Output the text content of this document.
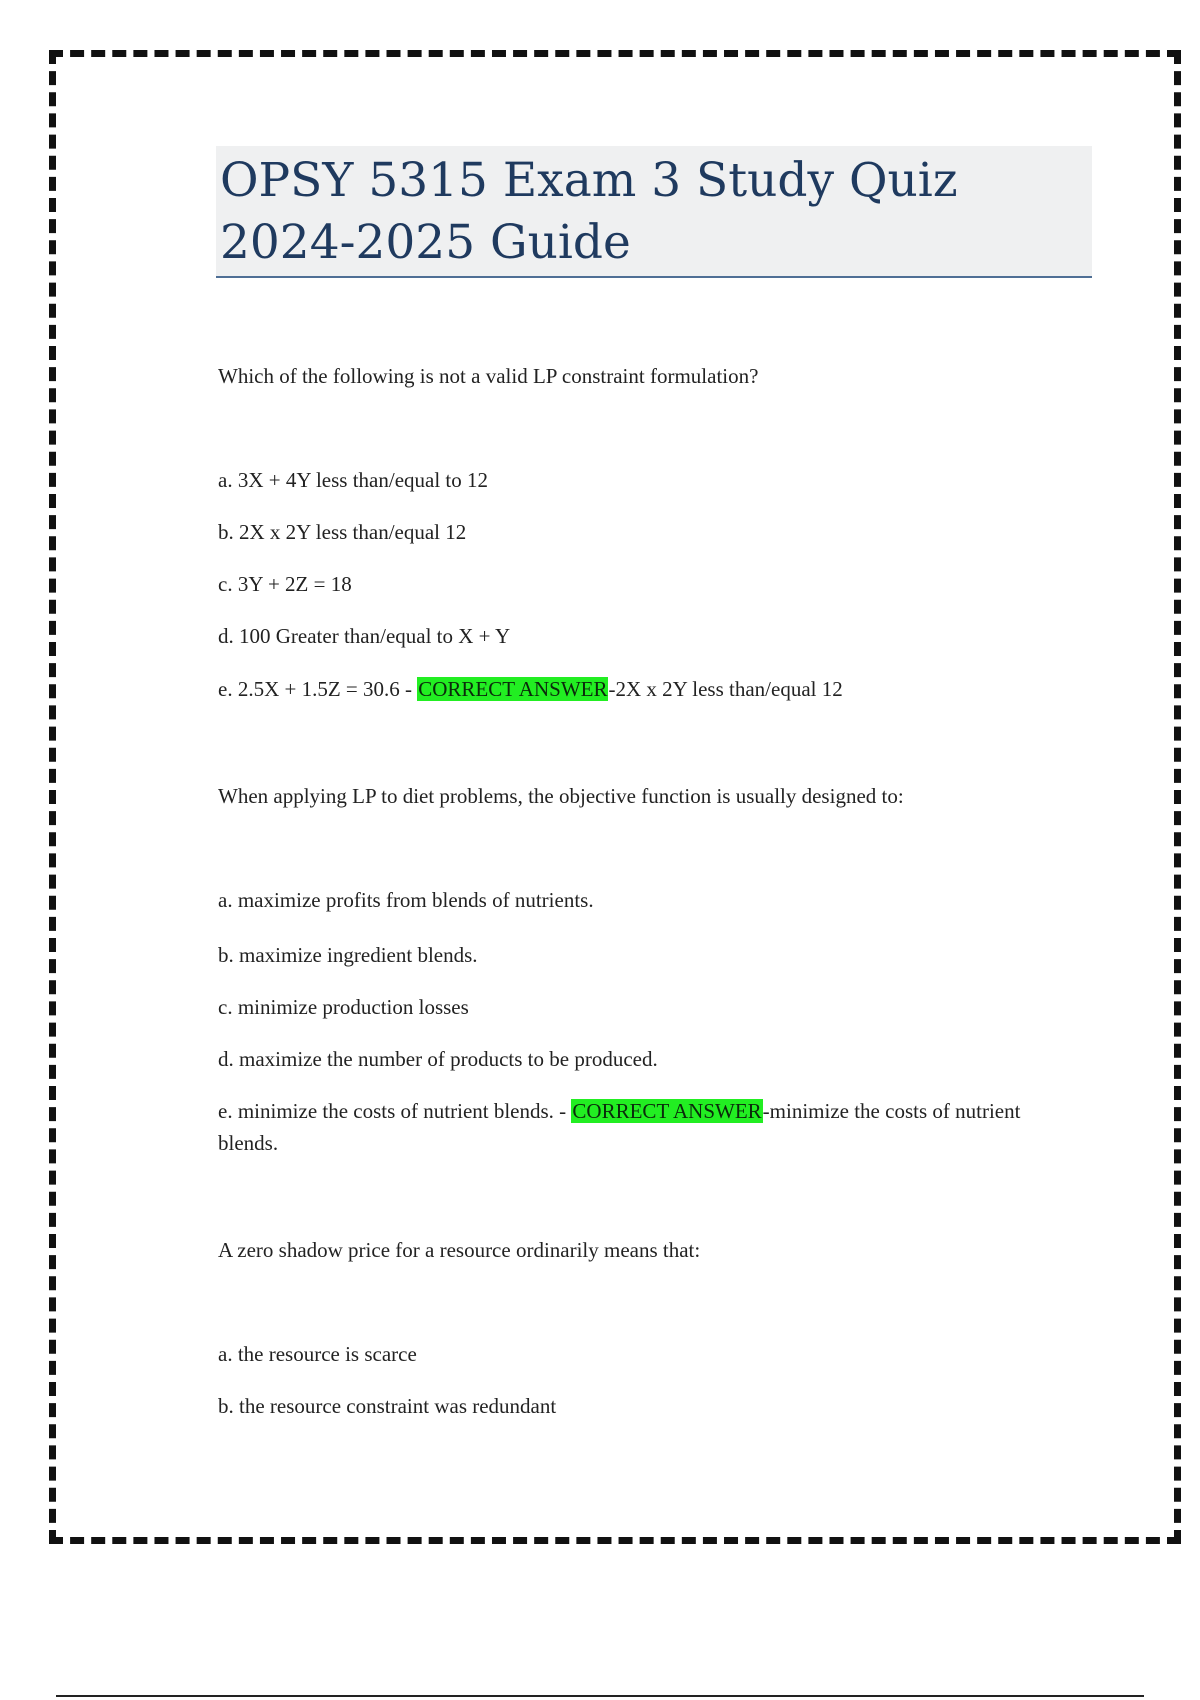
OPSY 5315 Exam 3 Study Quiz 2024-2025 Guide
Which of the following is not a valid LP constraint formulation?
a. 3X + 4Y less than/equal to 12
b. 2X x 2Y less than/equal 12
c. 3Y + 2Z = 18
d. 100 Greater than/equal to X + Y
e. 2.5X + 1.5Z = 30.6 - CORRECT ANSWER-2X x 2Y less than/equal 12
When applying LP to diet problems, the objective function is usually designed to:
a. maximize profits from blends of nutrients.
b. maximize ingredient blends.
c. minimize production losses
d. maximize the number of products to be produced.
e. minimize the costs of nutrient blends. - CORRECT ANSWER-minimize the costs of nutrient blends.
A zero shadow price for a resource ordinarily means that:
a. the resource is scarce
b. the resource constraint was redundant
